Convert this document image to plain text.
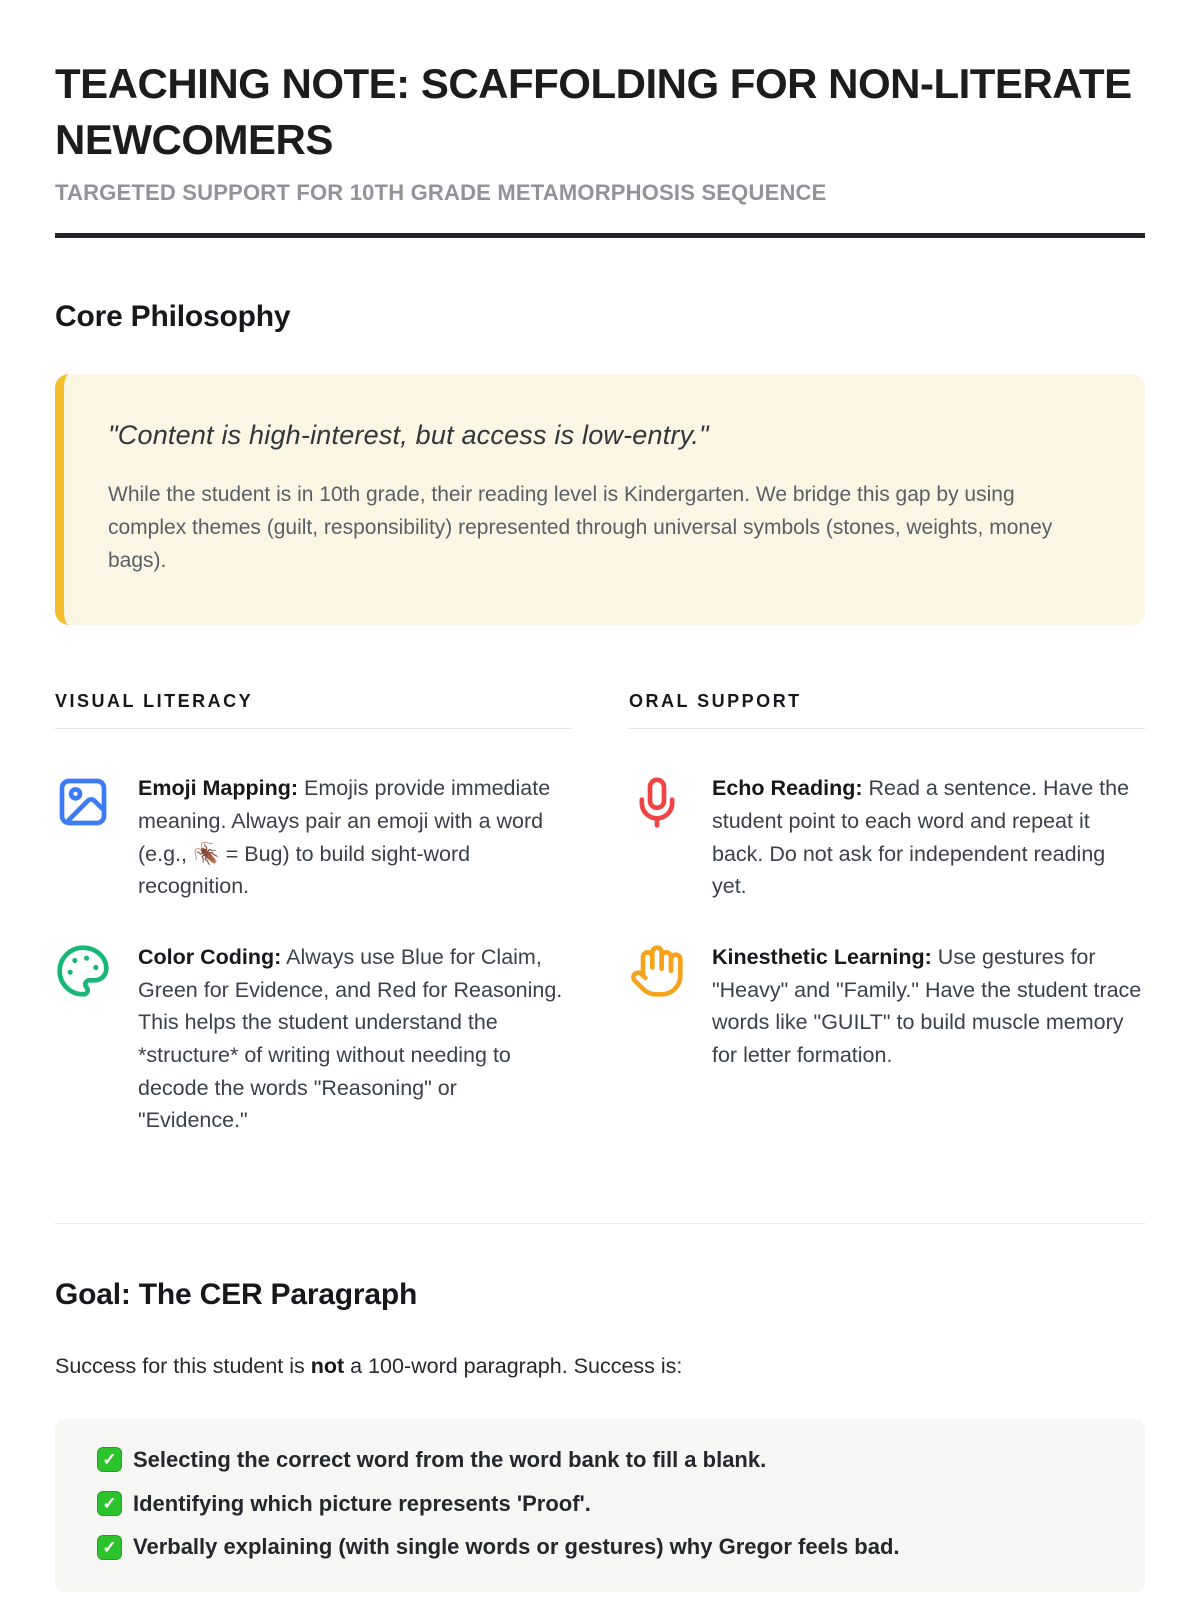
TEACHING NOTE: SCAFFOLDING FOR NON-LITERATE NEWCOMERS
TARGETED SUPPORT FOR 10TH GRADE METAMORPHOSIS SEQUENCE
Core Philosophy

"Content is high-interest, but access is low-entry."

While the student is in 10th grade, their reading level is Kindergarten. We bridge this gap by using complex themes (guilt, responsibility) represented through universal symbols (stones, weights, money bags).

VISUAL LITERACY

Emoji Mapping: Emojis provide immediate meaning. Always pair an emoji with a word (e.g., 🪳 = Bug) to build sight-word recognition.

Color Coding: Always use Blue for Claim, Green for Evidence, and Red for Reasoning. This helps the student understand the *structure* of writing without needing to decode the words "Reasoning" or "Evidence."

ORAL SUPPORT

Echo Reading: Read a sentence. Have the student point to each word and repeat it back. Do not ask for independent reading yet.

Kinesthetic Learning: Use gestures for "Heavy" and "Family." Have the student trace words like "GUILT" to build muscle memory for letter formation.

Goal: The CER Paragraph

Success for this student is not a 100-word paragraph. Success is:

✓
Selecting the correct word from the word bank to fill a blank.
✓
Identifying which picture represents 'Proof'.
✓
Verbally explaining (with single words or gestures) why Gregor feels bad.
